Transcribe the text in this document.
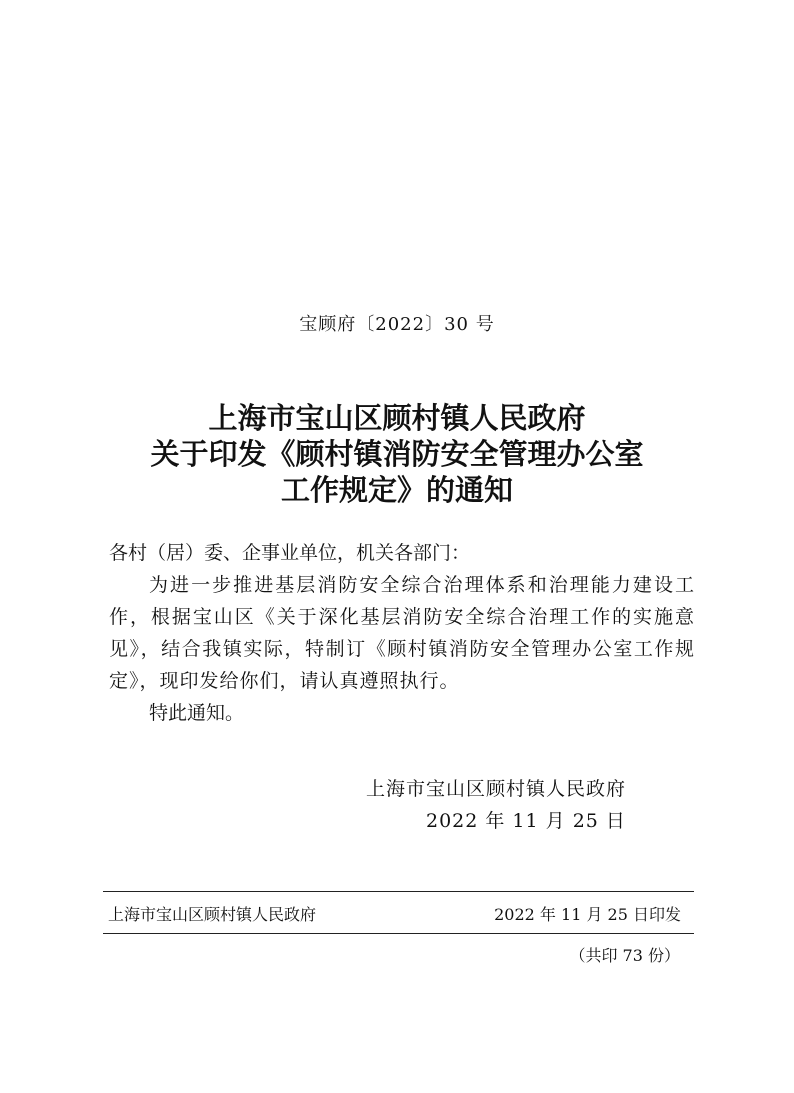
宝顾府〔2022〕30 号
上海市宝山区顾村镇人民政府
关于印发《顾村镇消防安全管理办公室
工作规定》的通知
各村（居）委、企事业单位，机关各部门：
为进一步推进基层消防安全综合治理体系和治理能力建设工作，根据宝山区《关于深化基层消防安全综合治理工作的实施意见》，结合我镇实际，特制订《顾村镇消防安全管理办公室工作规定》，现印发给你们，请认真遵照执行。
特此通知。
上海市宝山区顾村镇人民政府
2022 年 11 月 25 日
上海市宝山区顾村镇人民政府	2022 年 11 月 25 日印发
（共印 73 份）
